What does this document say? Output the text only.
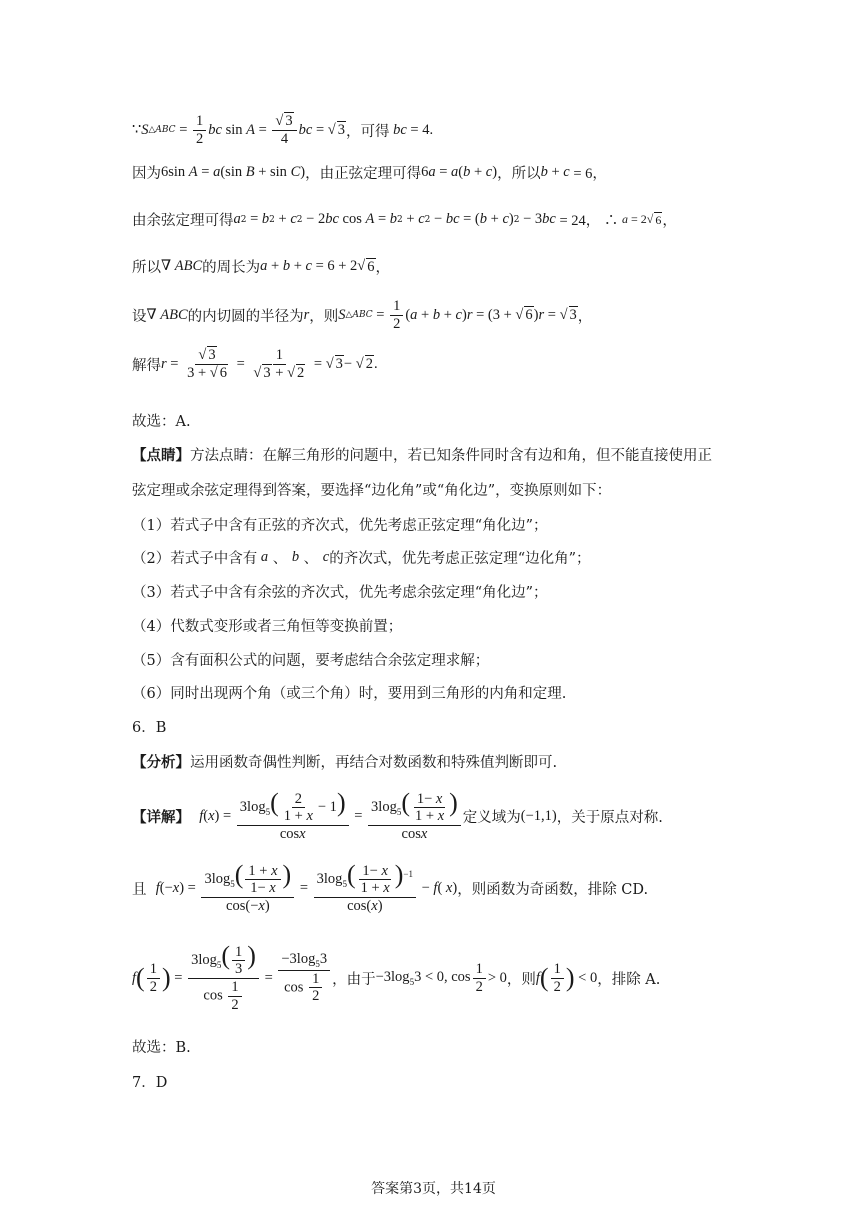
∵ S △ABC = $\frac{1}{2}$ bc $\sin A = \frac{√ 3}{4}$ bc = √ 3 ，可得 bc = 4.
因为 6sin A = a (sin B + sin C ) ，由正弦定理可得 6 a = a ( b + c ) ，所以 b + c = 6，
由余弦定理可得 a 2 = b 2 + c 2 − 2 bc cos A = b 2 + c 2 − bc = ( b + c ) 2 − 3 bc = 24， ∴ a = 2√ 6 ，
所以 ∇ ABC 的周长为 a + b + c = 6 + 2√ 6 ，
设 ∇ ABC 的内切圆的半径为 r ，则 S △ABC = $\frac{1}{2}$ ( a + b + c ) r = (3 + √ 6 ) r = √ 3 ，
解得 $r = \frac{√ 3}{3 + √ 6} = \frac{1}{√ 3 + √ 2}$ = √ 3 − √ 2 .
故选：A.
【点睛】 方法点睛：在解三角形的问题中，若已知条件同时含有边和角，但不能直接使用正
弦定理或余弦定理得到答案，要选择“边化角”或“角化边”，变换原则如下：
（1）若式子中含有正弦的齐次式，优先考虑正弦定理“角化边”；
（2）若式子中含有 a 、 b 、 c 的齐次式，优先考虑正弦定理“边化角”；
（3）若式子中含有余弦的齐次式，优先考虑余弦定理“角化边”；
（4）代数式变形或者三角恒等变换前置；
（5）含有面积公式的问题，要考虑结合余弦定理求解；
（6）同时出现两个角（或三个角）时，要用到三角形的内角和定理.
6．B
【分析】 运用函数奇偶性判断，再结合对数函数和特殊值判断即可.
【详解】
f ( x ) = $\frac{3\log_5( \frac{2}{1 + x} - 1)}{\cos x} = \frac{3\log_5( \frac{1- x}{1 + x} )}{\cos x}$ 定义域为 (−1,1) ，关于原点对称.
且
f (− x ) = $\frac{3\log_5( \frac{1 + x}{1- x} )}{\cos(-x)} = \frac{3\log_5( \frac{1- x}{1 + x} )^{-1}}{\cos(x)} - f$ ( x ) ，则函数为奇函数，排除 CD.
f ( $\frac{1}{2}$ ) = $\frac{3\log_5( \frac{1}{3} )}{\cos \frac{1}{2}} = \frac{-3\log_53}{\cos \frac{1}{2}}$ ，由于 $-3\log_53 < 0$, $\cos \frac{1}{2} > 0$ ，则 f ( $\frac{1}{2}$ ) < 0 ，排除 A.
故选：B.
7．D
答案第3页，共14页
